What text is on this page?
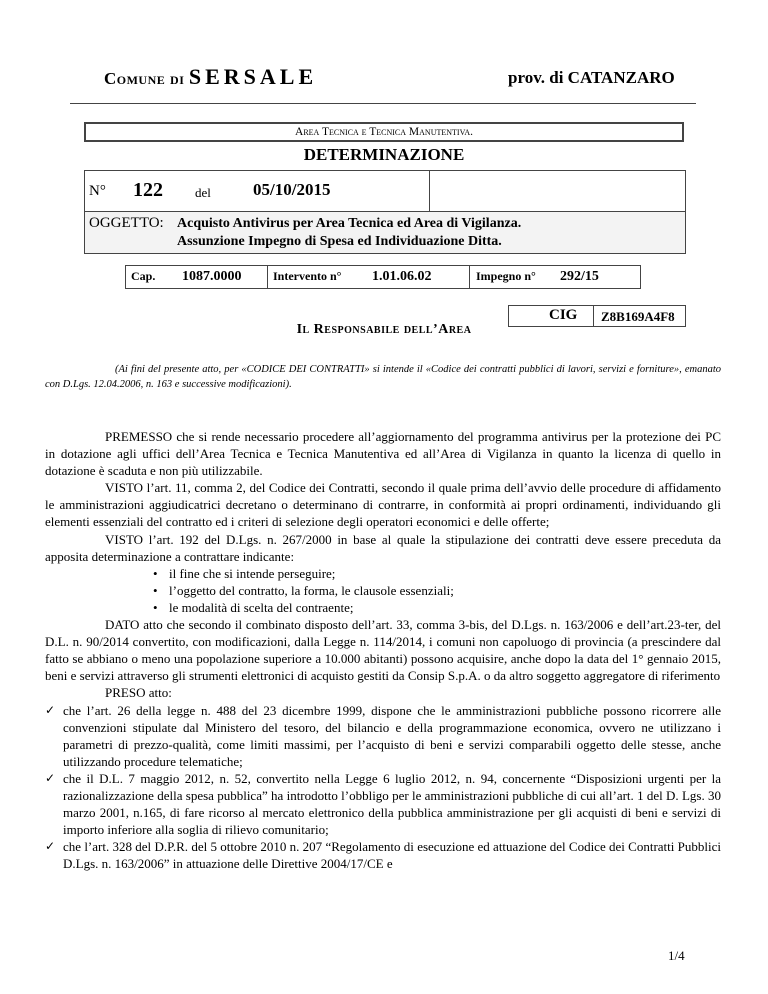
Comune di SERSALE	prov. di CATANZARO
Area Tecnica e Tecnica Manutentiva.
DETERMINAZIONE
N° 122 del 05/10/2015
OGGETTO: Acquisto Antivirus per Area Tecnica ed Area di Vigilanza.
Assunzione Impegno di Spesa ed Individuazione Ditta.
Cap. 1087.0000	Intervento n° 1.01.06.02	Impegno n° 292/15
CIG Z8B169A4F8
Il Responsabile dell’Area
(Ai fini del presente atto, per «CODICE DEI CONTRATTI» si intende il «Codice dei contratti pubblici di lavori, servizi e forniture», emanato con D.Lgs. 12.04.2006, n. 163 e successive modificazioni).

PREMESSO che si rende necessario procedere all’aggiornamento del programma antivirus per la protezione dei PC in dotazione agli uffici dell’Area Tecnica e Tecnica Manutentiva ed all’Area di Vigilanza in quanto la licenza di quello in dotazione è scaduta e non più utilizzabile.

VISTO l’art. 11, comma 2, del Codice dei Contratti, secondo il quale prima dell’avvio delle procedure di affidamento le amministrazioni aggiudicatrici decretano o determinano di contrarre, in conformità ai propri ordinamenti, individuando gli elementi essenziali del contratto ed i criteri di selezione degli operatori economici e delle offerte;

VISTO l’art. 192 del D.Lgs. n. 267/2000 in base al quale la stipulazione dei contratti deve essere preceduta da apposita determinazione a contrattare indicante:

• il fine che si intende perseguire;
• l’oggetto del contratto, la forma, le clausole essenziali;
• le modalità di scelta del contraente;

DATO atto che secondo il combinato disposto dell’art. 33, comma 3-bis, del D.Lgs. n. 163/2006 e dell’art.23-ter, del D.L. n. 90/2014 convertito, con modificazioni, dalla Legge n. 114/2014, i comuni non capoluogo di provincia (a prescindere dal fatto se abbiano o meno una popolazione superiore a 10.000 abitanti) possono acquisire, anche dopo la data del 1° gennaio 2015, beni e servizi attraverso gli strumenti elettronici di acquisto gestiti da Consip S.p.A. o da altro soggetto aggregatore di riferimento

PRESO atto:

✓ che l’art. 26 della legge n. 488 del 23 dicembre 1999, dispone che le amministrazioni pubbliche possono ricorrere alle convenzioni stipulate dal Ministero del tesoro, del bilancio e della programmazione economica, ovvero ne utilizzano i parametri di prezzo-qualità, come limiti massimi, per l’acquisto di beni e servizi comparabili oggetto delle stesse, anche utilizzando procedure telematiche;
✓ che il D.L. 7 maggio 2012, n. 52, convertito nella Legge 6 luglio 2012, n. 94, concernente “Disposizioni urgenti per la razionalizzazione della spesa pubblica” ha introdotto l’obbligo per le amministrazioni pubbliche di cui all’art. 1 del D. Lgs. 30 marzo 2001, n.165, di fare ricorso al mercato elettronico della pubblica amministrazione per gli acquisti di beni e servizi di importo inferiore alla soglia di rilievo comunitario;
✓ che l’art. 328 del D.P.R. del 5 ottobre 2010 n. 207 “Regolamento di esecuzione ed attuazione del Codice dei Contratti Pubblici D.Lgs. n. 163/2006” in attuazione delle Direttive 2004/17/CE e
1/4
